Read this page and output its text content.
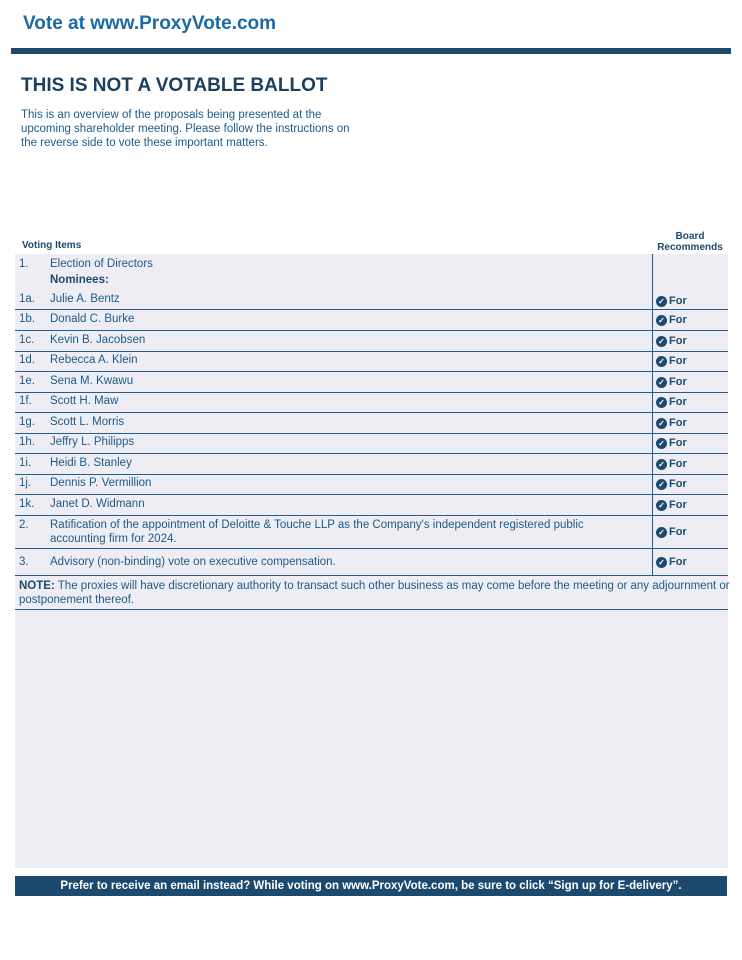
Vote at www.ProxyVote.com
THIS IS NOT A VOTABLE BALLOT
This is an overview of the proposals being presented at the upcoming shareholder meeting. Please follow the instructions on the reverse side to vote these important matters.
Voting Items
Board
Recommends
1. Election of Directors
Nominees:
1a. Julie A. Bentz	✓ For
1b. Donald C. Burke	✓ For
1c. Kevin B. Jacobsen	✓ For
1d. Rebecca A. Klein	✓ For
1e. Sena M. Kwawu	✓ For
1f. Scott H. Maw	✓ For
1g. Scott L. Morris	✓ For
1h. Jeffry L. Philipps	✓ For
1i. Heidi B. Stanley	✓ For
1j. Dennis P. Vermillion	✓ For
1k. Janet D. Widmann	✓ For
2. Ratification of the appointment of Deloitte & Touche LLP as the Company's independent registered public
accounting firm for 2024.
✓ For
3. Advisory (non-binding) vote on executive compensation.	✓ For
NOTE: The proxies will have discretionary authority to transact such other business as may come before the meeting or any adjournment or postponement thereof.
Prefer to receive an email instead? While voting on www.ProxyVote.com, be sure to click “Sign up for E-delivery”.
